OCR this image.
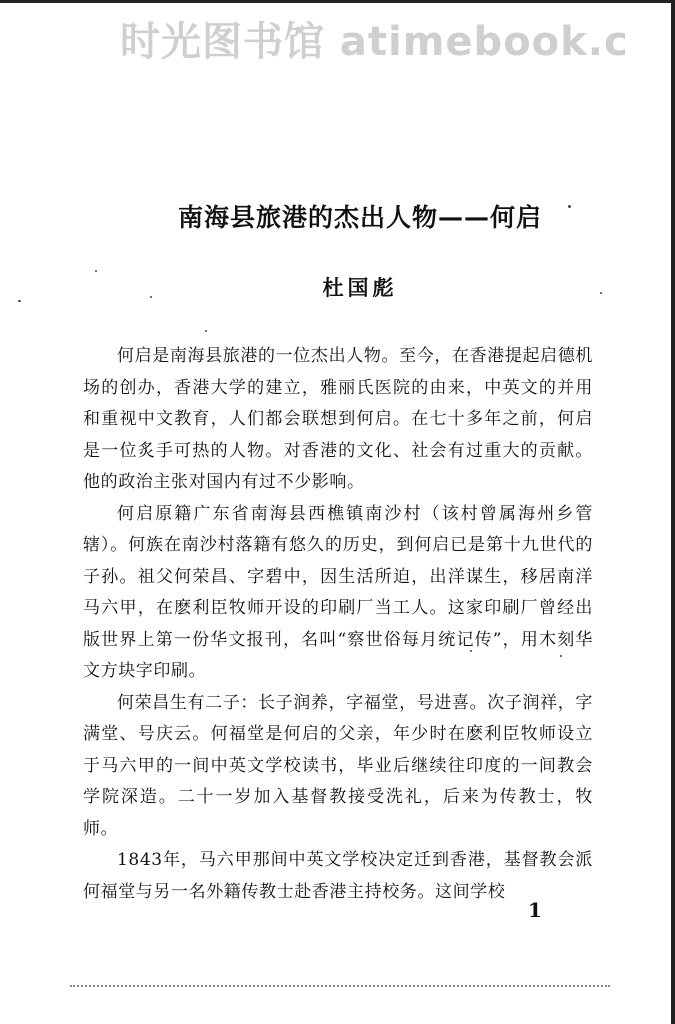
时光图书馆 atimebook.c
南海县旅港的杰出人物——何启
杜国彪

何启是南海县旅港的一位杰出人物。至今，在香港提起启德机场的创办，香港大学的建立，雅丽氏医院的由来，中英文的并用和重视中文教育，人们都会联想到何启。在七十多年之前，何启是一位炙手可热的人物。对香港的文化、社会有过重大的贡献。他的政治主张对国内有过不少影响。

何启原籍广东省南海县西樵镇南沙村（该村曾属海州乡管辖）。何族在南沙村落籍有悠久的历史，到何启已是第十九世代的子孙。祖父何荣昌、字碧中，因生活所迫，出洋谋生，移居南洋马六甲，在麽利臣牧师开设的印刷厂当工人。这家印刷厂曾经出版世界上第一份华文报刊，名叫“察世俗每月统记传”，用木刻华文方块字印刷。

何荣昌生有二子：长子润养，字福堂，号进喜。次子润祥，字满堂、号庆云。何福堂是何启的父亲，年少时在麽利臣牧师设立于马六甲的一间中英文学校读书，毕业后继续往印度的一间教会学院深造。二十一岁加入基督教接受洗礼，后来为传教士，牧师。

1843年，马六甲那间中英文学校决定迁到香港，基督教会派何福堂与另一名外籍传教士赴香港主持校务。这间学校

1
